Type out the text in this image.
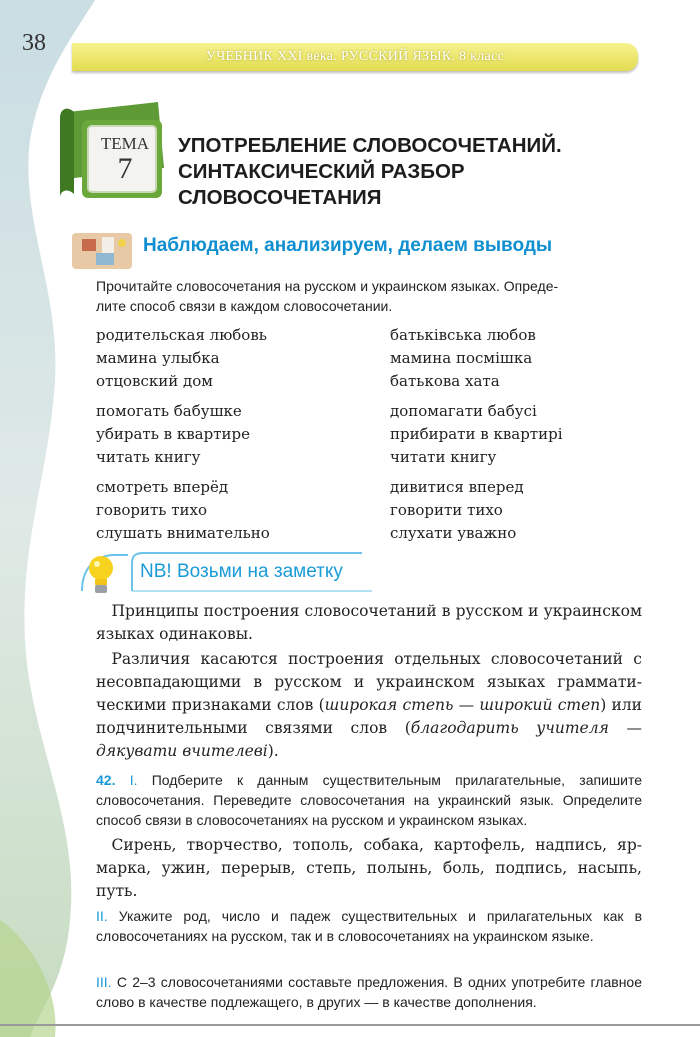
38
УЧЕБНИК XXI века. РУССКИЙ ЯЗЫК. 8 класс
ТЕМА
7
УПОТРЕБЛЕНИЕ СЛОВОСОЧЕТАНИЙ.
СИНТАКСИЧЕСКИЙ РАЗБОР
СЛОВОСОЧЕТАНИЯ
Наблюдаем, анализируем, делаем выводы

Прочитайте словосочетания на русском и украинском языках. Опреде-
лите способ связи в каждом словосочетании.

родительская любовь
мамина улыбка
отцовский дом
помогать бабушке
убирать в квартире
читать книгу
смотреть вперёд
говорить тихо
слушать внимательно
батьківська любов
мамина посмішка
батькова хата
допомагати бабусі
прибирати в квартирі
читати книгу
дивитися вперед
говорити тихо
слухати уважно
NB! Возьми на заметку

 Принципы построения словосочетаний в русском и украинском языках одинаковы.

 Различия касаются построения отдельных словосочетаний с несовпадающими в русском и украинском языках грамматическими признаками слов (широкая степь — широкий степ) или подчинительными связями слов (благодарить учителя — дякувати вчителеві).

42. I. Подберите к данным существительным прилагательные, запишите словосочетания. Переведите словосочетания на украинский язык. Определите способ связи в словосочетаниях на русском и украинском языках.

 Сирень, творчество, тополь, собака, картофель, надпись, ярмарка, ужин, перерыв, степь, полынь, боль, подпись, насыпь, путь.

II. Укажите род, число и падеж существительных и прилагательных как в словосочетаниях на русском, так и в словосочетаниях на украинском языке.

III. С 2–3 словосочетаниями составьте предложения. В одних употребите главное слово в качестве подлежащего, в других — в качестве дополнения.
